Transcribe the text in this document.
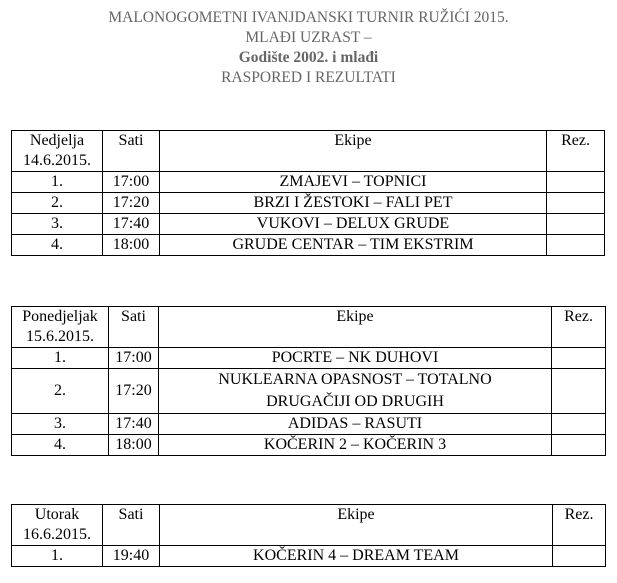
MALONOGOMETNI IVANJDANSKI TURNIR RUŽIĆI 2015.
MLAĐI UZRAST –
Godište 2002. i mlađi
RASPORED I REZULTATI
Nedjelja
14.6.2015.	Sati	Ekipe	Rez.
1.	17:00	ZMAJEVI – TOPNICI	
2.	17:20	BRZI I ŽESTOKI – FALI PET	
3.	17:40	VUKOVI – DELUX GRUDE	
4.	18:00	GRUDE CENTAR – TIM EKSTRIM	
Ponedjeljak
15.6.2015.	Sati	Ekipe	Rez.
1.	17:00	POCRTE – NK DUHOVI	
2.	17:20	NUKLEARNA OPASNOST – TOTALNO
DRUGAČIJI OD DRUGIH	

3.	17:40	ADIDAS – RASUTI	
4.	18:00	KOČERIN 2 – KOČERIN 3	
Utorak
16.6.2015.	Sati	Ekipe	Rez.
1.	19:40	KOČERIN 4 – DREAM TEAM	
